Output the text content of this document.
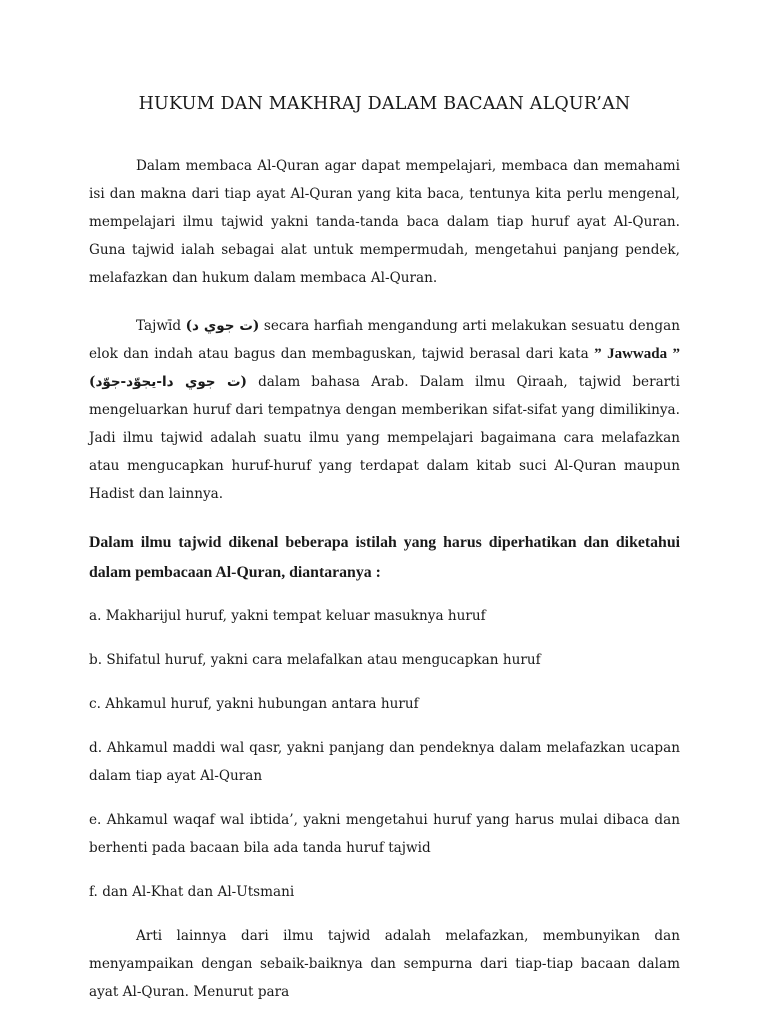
HUKUM DAN MAKHRAJ DALAM BACAAN ALQUR’AN

Dalam membaca Al-Quran agar dapat mempelajari, membaca dan memahami isi dan makna dari tiap ayat Al-Quran yang kita baca, tentunya kita perlu mengenal, mempelajari ilmu tajwid yakni tanda-tanda baca dalam tiap huruf ayat Al-Quran. Guna tajwid ialah sebagai alat untuk mempermudah, mengetahui panjang pendek, melafazkan dan hukum dalam membaca Al-Quran.

Tajwīd (ت جوي د) secara harfiah mengandung arti melakukan sesuatu dengan elok dan indah atau bagus dan membaguskan, tajwid berasal dari kata ” Jawwada ” (ت جوي دا-يجوّد-جوّد) dalam bahasa Arab. Dalam ilmu Qiraah, tajwid berarti mengeluarkan huruf dari tempatnya dengan memberikan sifat-sifat yang dimilikinya. Jadi ilmu tajwid adalah suatu ilmu yang mempelajari bagaimana cara melafazkan atau mengucapkan huruf-huruf yang terdapat dalam kitab suci Al-Quran maupun Hadist dan lainnya.

Dalam ilmu tajwid dikenal beberapa istilah yang harus diperhatikan dan diketahui dalam pembacaan Al-Quran, diantaranya :

a. Makharijul huruf, yakni tempat keluar masuknya huruf

b. Shifatul huruf, yakni cara melafalkan atau mengucapkan huruf

c. Ahkamul huruf, yakni hubungan antara huruf

d. Ahkamul maddi wal qasr, yakni panjang dan pendeknya dalam melafazkan ucapan dalam tiap ayat Al-Quran

e. Ahkamul waqaf wal ibtida’, yakni mengetahui huruf yang harus mulai dibaca dan berhenti pada bacaan bila ada tanda huruf tajwid

f. dan Al-Khat dan Al-Utsmani

Arti lainnya dari ilmu tajwid adalah melafazkan, membunyikan dan menyampaikan dengan sebaik-baiknya dan sempurna dari tiap-tiap bacaan dalam ayat Al-Quran. Menurut para
